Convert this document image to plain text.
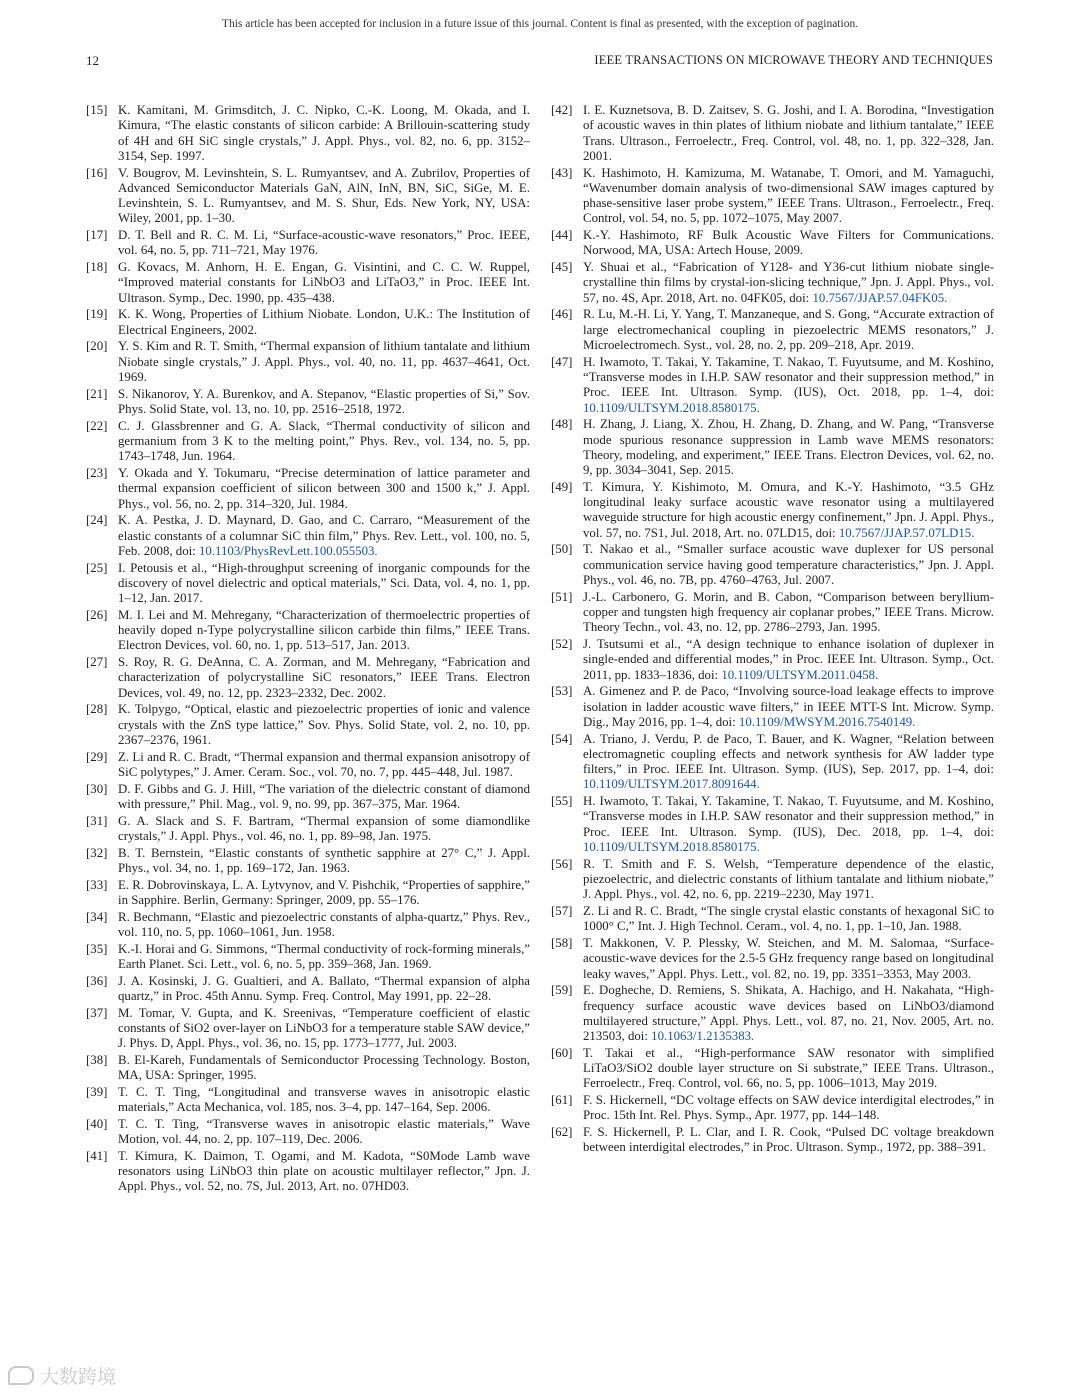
This article has been accepted for inclusion in a future issue of this journal. Content is final as presented, with the exception of pagination.
12	IEEE TRANSACTIONS ON MICROWAVE THEORY AND TECHNIQUES
[15] K. Kamitani, M. Grimsditch, J. C. Nipko, C.-K. Loong, M. Okada, and I. Kimura, “The elastic constants of silicon carbide: A Brillouin-scattering study of 4H and 6H SiC single crystals,” J. Appl. Phys., vol. 82, no. 6, pp. 3152–3154, Sep. 1997.
[16] V. Bougrov, M. Levinshtein, S. L. Rumyantsev, and A. Zubrilov, Properties of Advanced Semiconductor Materials GaN, AlN, InN, BN, SiC, SiGe, M. E. Levinshtein, S. L. Rumyantsev, and M. S. Shur, Eds. New York, NY, USA: Wiley, 2001, pp. 1–30.
[17] D. T. Bell and R. C. M. Li, “Surface-acoustic-wave resonators,” Proc. IEEE, vol. 64, no. 5, pp. 711–721, May 1976.
[18] G. Kovacs, M. Anhorn, H. E. Engan, G. Visintini, and C. C. W. Ruppel, “Improved material constants for LiNbO3 and LiTaO3,” in Proc. IEEE Int. Ultrason. Symp., Dec. 1990, pp. 435–438.
[19] K. K. Wong, Properties of Lithium Niobate. London, U.K.: The Institution of Electrical Engineers, 2002.
[20] Y. S. Kim and R. T. Smith, “Thermal expansion of lithium tantalate and lithium Niobate single crystals,” J. Appl. Phys., vol. 40, no. 11, pp. 4637–4641, Oct. 1969.
[21] S. Nikanorov, Y. A. Burenkov, and A. Stepanov, “Elastic properties of Si,” Sov. Phys. Solid State, vol. 13, no. 10, pp. 2516–2518, 1972.
[22] C. J. Glassbrenner and G. A. Slack, “Thermal conductivity of silicon and germanium from 3 K to the melting point,” Phys. Rev., vol. 134, no. 5, pp. 1743–1748, Jun. 1964.
[23] Y. Okada and Y. Tokumaru, “Precise determination of lattice parameter and thermal expansion coefficient of silicon between 300 and 1500 k,” J. Appl. Phys., vol. 56, no. 2, pp. 314–320, Jul. 1984.
[24] K. A. Pestka, J. D. Maynard, D. Gao, and C. Carraro, “Measurement of the elastic constants of a columnar SiC thin film,” Phys. Rev. Lett., vol. 100, no. 5, Feb. 2008, doi: 10.1103/PhysRevLett.100.055503.
[25] I. Petousis et al., “High-throughput screening of inorganic compounds for the discovery of novel dielectric and optical materials,” Sci. Data, vol. 4, no. 1, pp. 1–12, Jan. 2017.
[26] M. I. Lei and M. Mehregany, “Characterization of thermoelectric properties of heavily doped n-Type polycrystalline silicon carbide thin films,” IEEE Trans. Electron Devices, vol. 60, no. 1, pp. 513–517, Jan. 2013.
[27] S. Roy, R. G. DeAnna, C. A. Zorman, and M. Mehregany, “Fabrication and characterization of polycrystalline SiC resonators,” IEEE Trans. Electron Devices, vol. 49, no. 12, pp. 2323–2332, Dec. 2002.
[28] K. Tolpygo, “Optical, elastic and piezoelectric properties of ionic and valence crystals with the ZnS type lattice,” Sov. Phys. Solid State, vol. 2, no. 10, pp. 2367–2376, 1961.
[29] Z. Li and R. C. Bradt, “Thermal expansion and thermal expansion anisotropy of SiC polytypes,” J. Amer. Ceram. Soc., vol. 70, no. 7, pp. 445–448, Jul. 1987.
[30] D. F. Gibbs and G. J. Hill, “The variation of the dielectric constant of diamond with pressure,” Phil. Mag., vol. 9, no. 99, pp. 367–375, Mar. 1964.
[31] G. A. Slack and S. F. Bartram, “Thermal expansion of some diamondlike crystals,” J. Appl. Phys., vol. 46, no. 1, pp. 89–98, Jan. 1975.
[32] B. T. Bernstein, “Elastic constants of synthetic sapphire at 27° C,” J. Appl. Phys., vol. 34, no. 1, pp. 169–172, Jan. 1963.
[33] E. R. Dobrovinskaya, L. A. Lytvynov, and V. Pishchik, “Properties of sapphire,” in Sapphire. Berlin, Germany: Springer, 2009, pp. 55–176.
[34] R. Bechmann, “Elastic and piezoelectric constants of alpha-quartz,” Phys. Rev., vol. 110, no. 5, pp. 1060–1061, Jun. 1958.
[35] K.-I. Horai and G. Simmons, “Thermal conductivity of rock-forming minerals,” Earth Planet. Sci. Lett., vol. 6, no. 5, pp. 359–368, Jan. 1969.
[36] J. A. Kosinski, J. G. Gualtieri, and A. Ballato, “Thermal expansion of alpha quartz,” in Proc. 45th Annu. Symp. Freq. Control, May 1991, pp. 22–28.
[37] M. Tomar, V. Gupta, and K. Sreenivas, “Temperature coefficient of elastic constants of SiO2 over-layer on LiNbO3 for a temperature stable SAW device,” J. Phys. D, Appl. Phys., vol. 36, no. 15, pp. 1773–1777, Jul. 2003.
[38] B. El-Kareh, Fundamentals of Semiconductor Processing Technology. Boston, MA, USA: Springer, 1995.
[39] T. C. T. Ting, “Longitudinal and transverse waves in anisotropic elastic materials,” Acta Mechanica, vol. 185, nos. 3–4, pp. 147–164, Sep. 2006.
[40] T. C. T. Ting, “Transverse waves in anisotropic elastic materials,” Wave Motion, vol. 44, no. 2, pp. 107–119, Dec. 2006.
[41] T. Kimura, K. Daimon, T. Ogami, and M. Kadota, “S0Mode Lamb wave resonators using LiNbO3 thin plate on acoustic multilayer reflector,” Jpn. J. Appl. Phys., vol. 52, no. 7S, Jul. 2013, Art. no. 07HD03.
[42] I. E. Kuznetsova, B. D. Zaitsev, S. G. Joshi, and I. A. Borodina, “Investigation of acoustic waves in thin plates of lithium niobate and lithium tantalate,” IEEE Trans. Ultrason., Ferroelectr., Freq. Control, vol. 48, no. 1, pp. 322–328, Jan. 2001.
[43] K. Hashimoto, H. Kamizuma, M. Watanabe, T. Omori, and M. Yamaguchi, “Wavenumber domain analysis of two-dimensional SAW images captured by phase-sensitive laser probe system,” IEEE Trans. Ultrason., Ferroelectr., Freq. Control, vol. 54, no. 5, pp. 1072–1075, May 2007.
[44] K.-Y. Hashimoto, RF Bulk Acoustic Wave Filters for Communications. Norwood, MA, USA: Artech House, 2009.
[45] Y. Shuai et al., “Fabrication of Y128- and Y36-cut lithium niobate single-crystalline thin films by crystal-ion-slicing technique,” Jpn. J. Appl. Phys., vol. 57, no. 4S, Apr. 2018, Art. no. 04FK05, doi: 10.7567/JJAP.57.04FK05.
[46] R. Lu, M.-H. Li, Y. Yang, T. Manzaneque, and S. Gong, “Accurate extraction of large electromechanical coupling in piezoelectric MEMS resonators,” J. Microelectromech. Syst., vol. 28, no. 2, pp. 209–218, Apr. 2019.
[47] H. Iwamoto, T. Takai, Y. Takamine, T. Nakao, T. Fuyutsume, and M. Koshino, “Transverse modes in I.H.P. SAW resonator and their suppression method,” in Proc. IEEE Int. Ultrason. Symp. (IUS), Oct. 2018, pp. 1–4, doi: 10.1109/ULTSYM.2018.8580175.
[48] H. Zhang, J. Liang, X. Zhou, H. Zhang, D. Zhang, and W. Pang, “Transverse mode spurious resonance suppression in Lamb wave MEMS resonators: Theory, modeling, and experiment,” IEEE Trans. Electron Devices, vol. 62, no. 9, pp. 3034–3041, Sep. 2015.
[49] T. Kimura, Y. Kishimoto, M. Omura, and K.-Y. Hashimoto, “3.5 GHz longitudinal leaky surface acoustic wave resonator using a multilayered waveguide structure for high acoustic energy confinement,” Jpn. J. Appl. Phys., vol. 57, no. 7S1, Jul. 2018, Art. no. 07LD15, doi: 10.7567/JJAP.57.07LD15.
[50] T. Nakao et al., “Smaller surface acoustic wave duplexer for US personal communication service having good temperature characteristics,” Jpn. J. Appl. Phys., vol. 46, no. 7B, pp. 4760–4763, Jul. 2007.
[51] J.-L. Carbonero, G. Morin, and B. Cabon, “Comparison between beryllium-copper and tungsten high frequency air coplanar probes,” IEEE Trans. Microw. Theory Techn., vol. 43, no. 12, pp. 2786–2793, Jan. 1995.
[52] J. Tsutsumi et al., “A design technique to enhance isolation of duplexer in single-ended and differential modes,” in Proc. IEEE Int. Ultrason. Symp., Oct. 2011, pp. 1833–1836, doi: 10.1109/ULTSYM.2011.0458.
[53] A. Gimenez and P. de Paco, “Involving source-load leakage effects to improve isolation in ladder acoustic wave filters,” in IEEE MTT-S Int. Microw. Symp. Dig., May 2016, pp. 1–4, doi: 10.1109/MWSYM.2016.7540149.
[54] A. Triano, J. Verdu, P. de Paco, T. Bauer, and K. Wagner, “Relation between electromagnetic coupling effects and network synthesis for AW ladder type filters,” in Proc. IEEE Int. Ultrason. Symp. (IUS), Sep. 2017, pp. 1–4, doi: 10.1109/ULTSYM.2017.8091644.
[55] H. Iwamoto, T. Takai, Y. Takamine, T. Nakao, T. Fuyutsume, and M. Koshino, “Transverse modes in I.H.P. SAW resonator and their suppression method,” in Proc. IEEE Int. Ultrason. Symp. (IUS), Dec. 2018, pp. 1–4, doi: 10.1109/ULTSYM.2018.8580175.
[56] R. T. Smith and F. S. Welsh, “Temperature dependence of the elastic, piezoelectric, and dielectric constants of lithium tantalate and lithium niobate,” J. Appl. Phys., vol. 42, no. 6, pp. 2219–2230, May 1971.
[57] Z. Li and R. C. Bradt, “The single crystal elastic constants of hexagonal SiC to 1000° C,” Int. J. High Technol. Ceram., vol. 4, no. 1, pp. 1–10, Jan. 1988.
[58] T. Makkonen, V. P. Plessky, W. Steichen, and M. M. Salomaa, “Surface-acoustic-wave devices for the 2.5-5 GHz frequency range based on longitudinal leaky waves,” Appl. Phys. Lett., vol. 82, no. 19, pp. 3351–3353, May 2003.
[59] E. Dogheche, D. Remiens, S. Shikata, A. Hachigo, and H. Nakahata, “High-frequency surface acoustic wave devices based on LiNbO3/diamond multilayered structure,” Appl. Phys. Lett., vol. 87, no. 21, Nov. 2005, Art. no. 213503, doi: 10.1063/1.2135383.
[60] T. Takai et al., “High-performance SAW resonator with simplified LiTaO3/SiO2 double layer structure on Si substrate,” IEEE Trans. Ultrason., Ferroelectr., Freq. Control, vol. 66, no. 5, pp. 1006–1013, May 2019.
[61] F. S. Hickernell, “DC voltage effects on SAW device interdigital electrodes,” in Proc. 15th Int. Rel. Phys. Symp., Apr. 1977, pp. 144–148.
[62] F. S. Hickernell, P. L. Clar, and I. R. Cook, “Pulsed DC voltage breakdown between interdigital electrodes,” in Proc. Ultrason. Symp., 1972, pp. 388–391.
大数跨境
